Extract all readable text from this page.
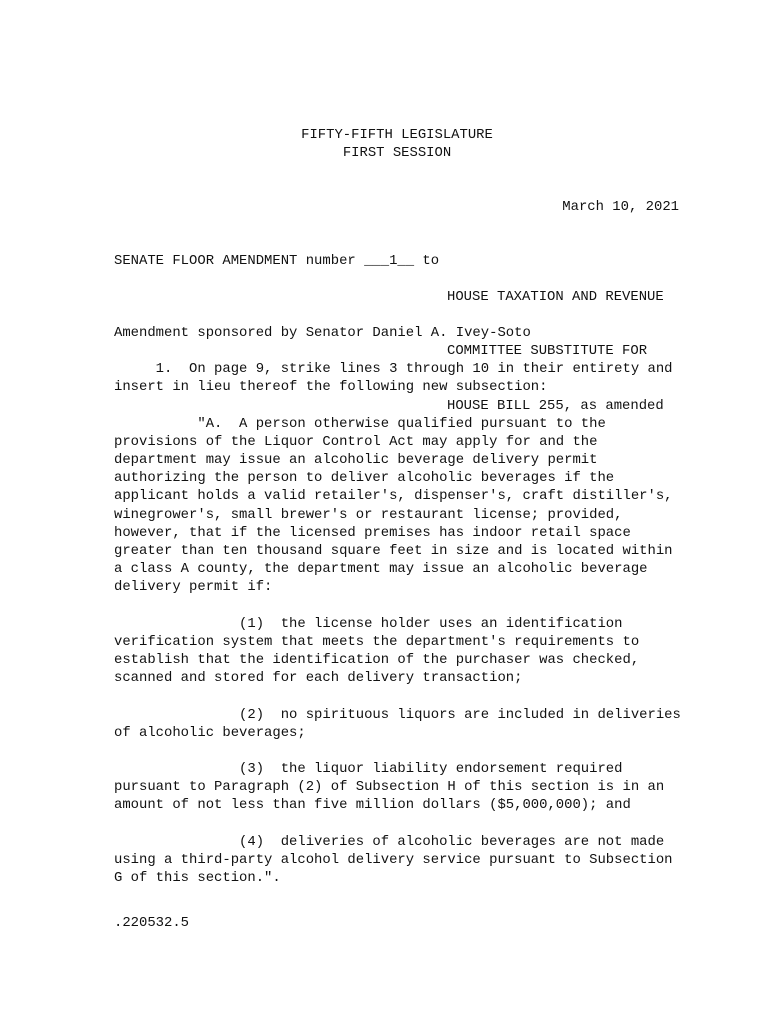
FIFTY-FIFTH LEGISLATURE
FIRST SESSION
March 10, 2021
SENATE FLOOR AMENDMENT number ___1__ to

HOUSE TAXATION AND REVENUE

COMMITTEE SUBSTITUTE FOR

HOUSE BILL 255, as amended

Amendment sponsored by Senator Daniel A. Ivey-Soto
1.  On page 9, strike lines 3 through 10 in their entirety and
insert in lieu thereof the following new subsection:
"A.  A person otherwise qualified pursuant to the
provisions of the Liquor Control Act may apply for and the
department may issue an alcoholic beverage delivery permit
authorizing the person to deliver alcoholic beverages if the
applicant holds a valid retailer's, dispenser's, craft distiller's,
winegrower's, small brewer's or restaurant license; provided,
however, that if the licensed premises has indoor retail space
greater than ten thousand square feet in size and is located within
a class A county, the department may issue an alcoholic beverage
delivery permit if:
(1)  the license holder uses an identification
verification system that meets the department's requirements to
establish that the identification of the purchaser was checked,
scanned and stored for each delivery transaction;
(2)  no spirituous liquors are included in deliveries
of alcoholic beverages;
(3)  the liquor liability endorsement required
pursuant to Paragraph (2) of Subsection H of this section is in an
amount of not less than five million dollars ($5,000,000); and
(4)  deliveries of alcoholic beverages are not made
using a third-party alcohol delivery service pursuant to Subsection
G of this section.".
.220532.5
